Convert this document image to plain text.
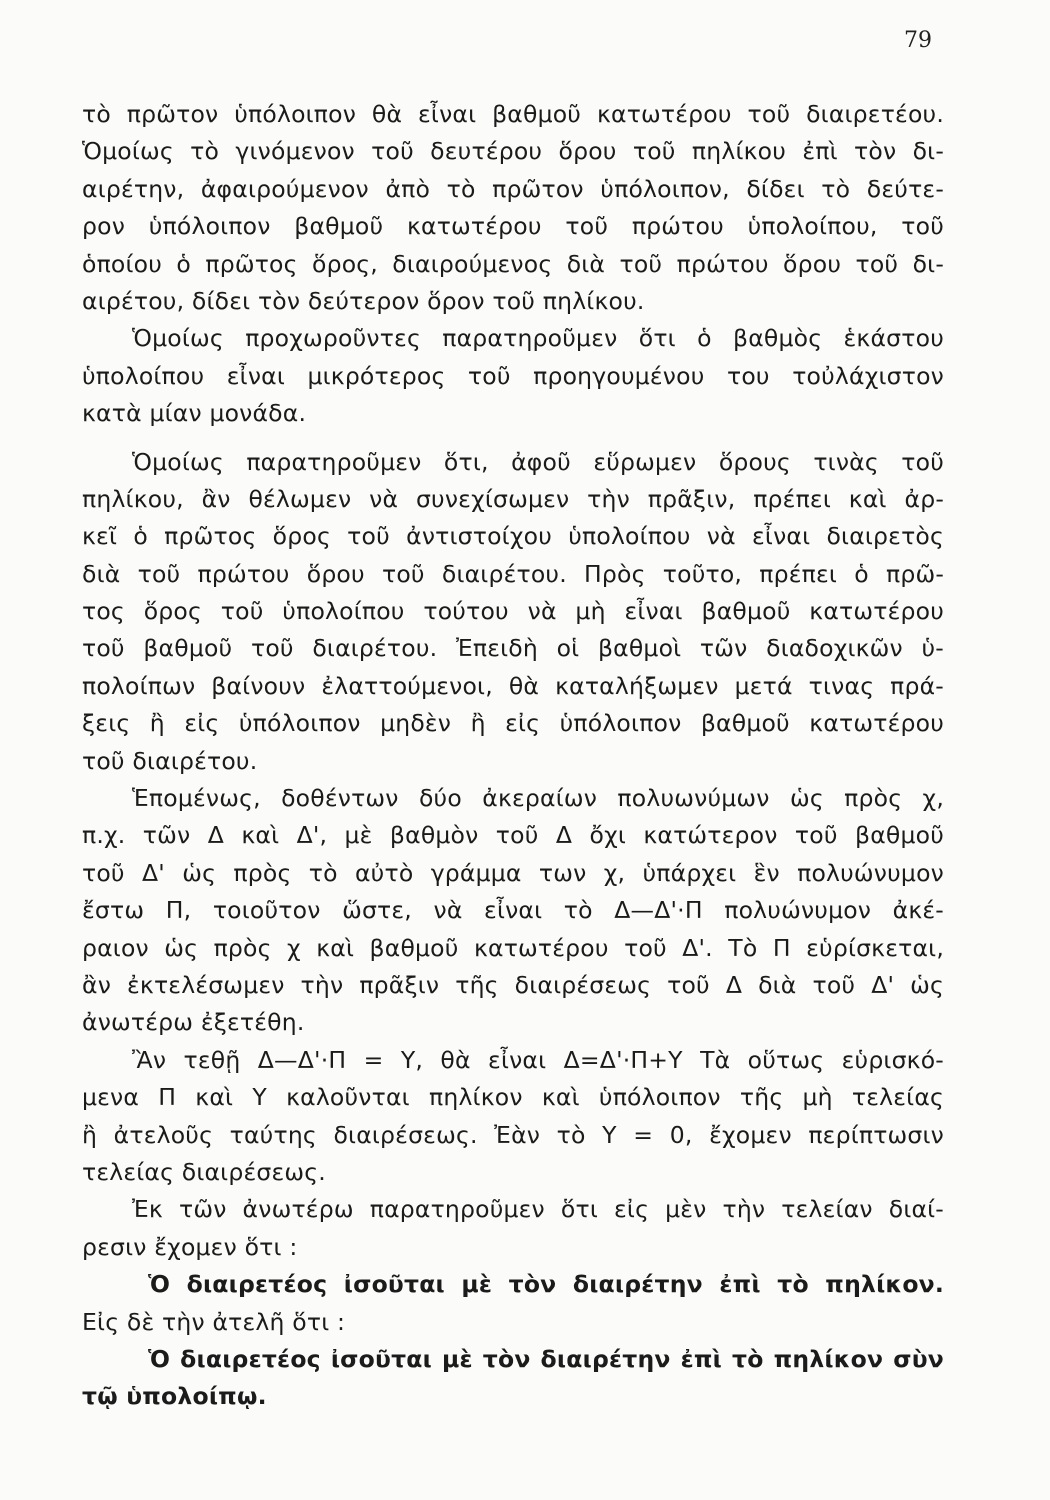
79
τὸ πρῶτον ὑπόλοιπον θὰ εἶναι βαθμοῦ κατωτέρου τοῦ διαιρετέου.
Ὁμοίως τὸ γινόμενον τοῦ δευτέρου ὅρου τοῦ πηλίκου ἐπὶ τὸν δι-
αιρέτην, ἀφαιρούμενον ἀπὸ τὸ πρῶτον ὑπόλοιπον, δίδει τὸ δεύτε-
ρον ὑπόλοιπον βαθμοῦ κατωτέρου τοῦ πρώτου ὑπολοίπου, τοῦ
ὁποίου ὁ πρῶτος ὅρος, διαιρούμενος διὰ τοῦ πρώτου ὅρου τοῦ δι-
αιρέτου, δίδει τὸν δεύτερον ὅρον τοῦ πηλίκου.
Ὁμοίως προχωροῦντες παρατηροῦμεν ὅτι ὁ βαθμὸς ἑκάστου
ὑπολοίπου εἶναι μικρότερος τοῦ προηγουμένου του τοὐλάχιστον
κατὰ μίαν μονάδα.
Ὁμοίως παρατηροῦμεν ὅτι, ἀφοῦ εὕρωμεν ὅρους τινὰς τοῦ
πηλίκου, ἂν θέλωμεν νὰ συνεχίσωμεν τὴν πρᾶξιν, πρέπει καὶ ἀρ-
κεῖ ὁ πρῶτος ὅρος τοῦ ἀντιστοίχου ὑπολοίπου νὰ εἶναι διαιρετὸς
διὰ τοῦ πρώτου ὅρου τοῦ διαιρέτου. Πρὸς τοῦτο, πρέπει ὁ πρῶ-
τος ὅρος τοῦ ὑπολοίπου τούτου νὰ μὴ εἶναι βαθμοῦ κατωτέρου
τοῦ βαθμοῦ τοῦ διαιρέτου. Ἐπειδὴ οἱ βαθμοὶ τῶν διαδοχικῶν ὑ-
πολοίπων βαίνουν ἐλαττούμενοι, θὰ καταλήξωμεν μετά τινας πρά-
ξεις ἢ εἰς ὑπόλοιπον μηδὲν ἢ εἰς ὑπόλοιπον βαθμοῦ κατωτέρου
τοῦ διαιρέτου.
Ἑπομένως, δοθέντων δύο ἀκεραίων πολυωνύμων ὡς πρὸς χ,
π.χ. τῶν Δ καὶ Δ', μὲ βαθμὸν τοῦ Δ ὄχι κατώτερον τοῦ βαθμοῦ
τοῦ Δ' ὡς πρὸς τὸ αὐτὸ γράμμα των χ, ὑπάρχει ἓν πολυώνυμον
ἔστω Π, τοιοῦτον ὥστε, νὰ εἶναι τὸ Δ—Δ'·Π πολυώνυμον ἀκέ-
ραιον ὡς πρὸς χ καὶ βαθμοῦ κατωτέρου τοῦ Δ'. Τὸ Π εὑρίσκεται,
ἂν ἐκτελέσωμεν τὴν πρᾶξιν τῆς διαιρέσεως τοῦ Δ διὰ τοῦ Δ' ὡς
ἀνωτέρω ἐξετέθη.
Ἂν τεθῇ Δ—Δ'·Π = Υ, θὰ εἶναι Δ=Δ'·Π+Υ Τὰ οὕτως εὑρισκό-
μενα Π καὶ Υ καλοῦνται πηλίκον καὶ ὑπόλοιπον τῆς μὴ τελείας
ἢ ἀτελοῦς ταύτης διαιρέσεως. Ἐὰν τὸ Υ = 0, ἔχομεν περίπτωσιν
τελείας διαιρέσεως.
Ἐκ τῶν ἀνωτέρω παρατηροῦμεν ὅτι εἰς μὲν τὴν τελείαν διαί-
ρεσιν ἔχομεν ὅτι :
Ὁ διαιρετέος ἰσοῦται μὲ τὸν διαιρέτην ἐπὶ τὸ πηλίκον.
Εἰς δὲ τὴν ἀτελῆ ὅτι :
Ὁ διαιρετέος ἰσοῦται μὲ τὸν διαιρέτην ἐπὶ τὸ πηλίκον σὺν
τῷ ὑπολοίπῳ.
